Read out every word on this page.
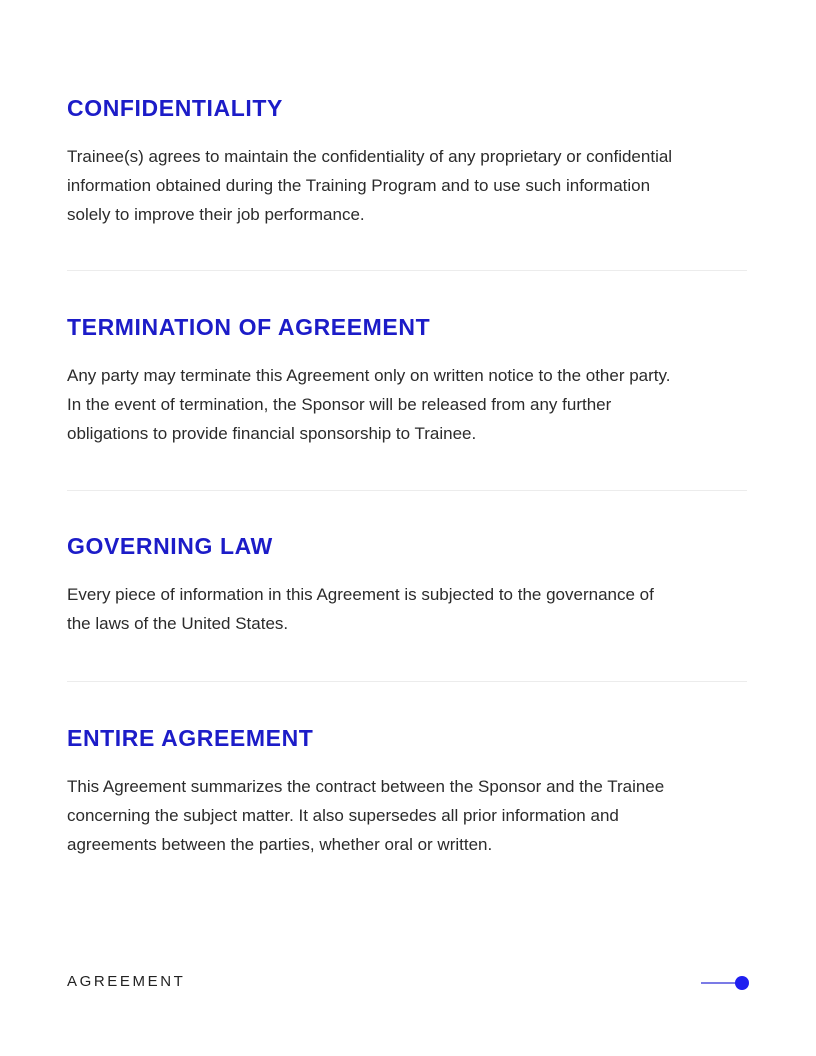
CONFIDENTIALITY

Trainee(s) agrees to maintain the confidentiality of any proprietary or confidential

information obtained during the Training Program and to use such information

solely to improve their job performance.

TERMINATION OF AGREEMENT

Any party may terminate this Agreement only on written notice to the other party.

In the event of termination, the Sponsor will be released from any further

obligations to provide financial sponsorship to Trainee.

GOVERNING LAW

Every piece of information in this Agreement is subjected to the governance of

the laws of the United States.

ENTIRE AGREEMENT

This Agreement summarizes the contract between the Sponsor and the Trainee

concerning the subject matter. It also supersedes all prior information and

agreements between the parties, whether oral or written.

AGREEMENT
